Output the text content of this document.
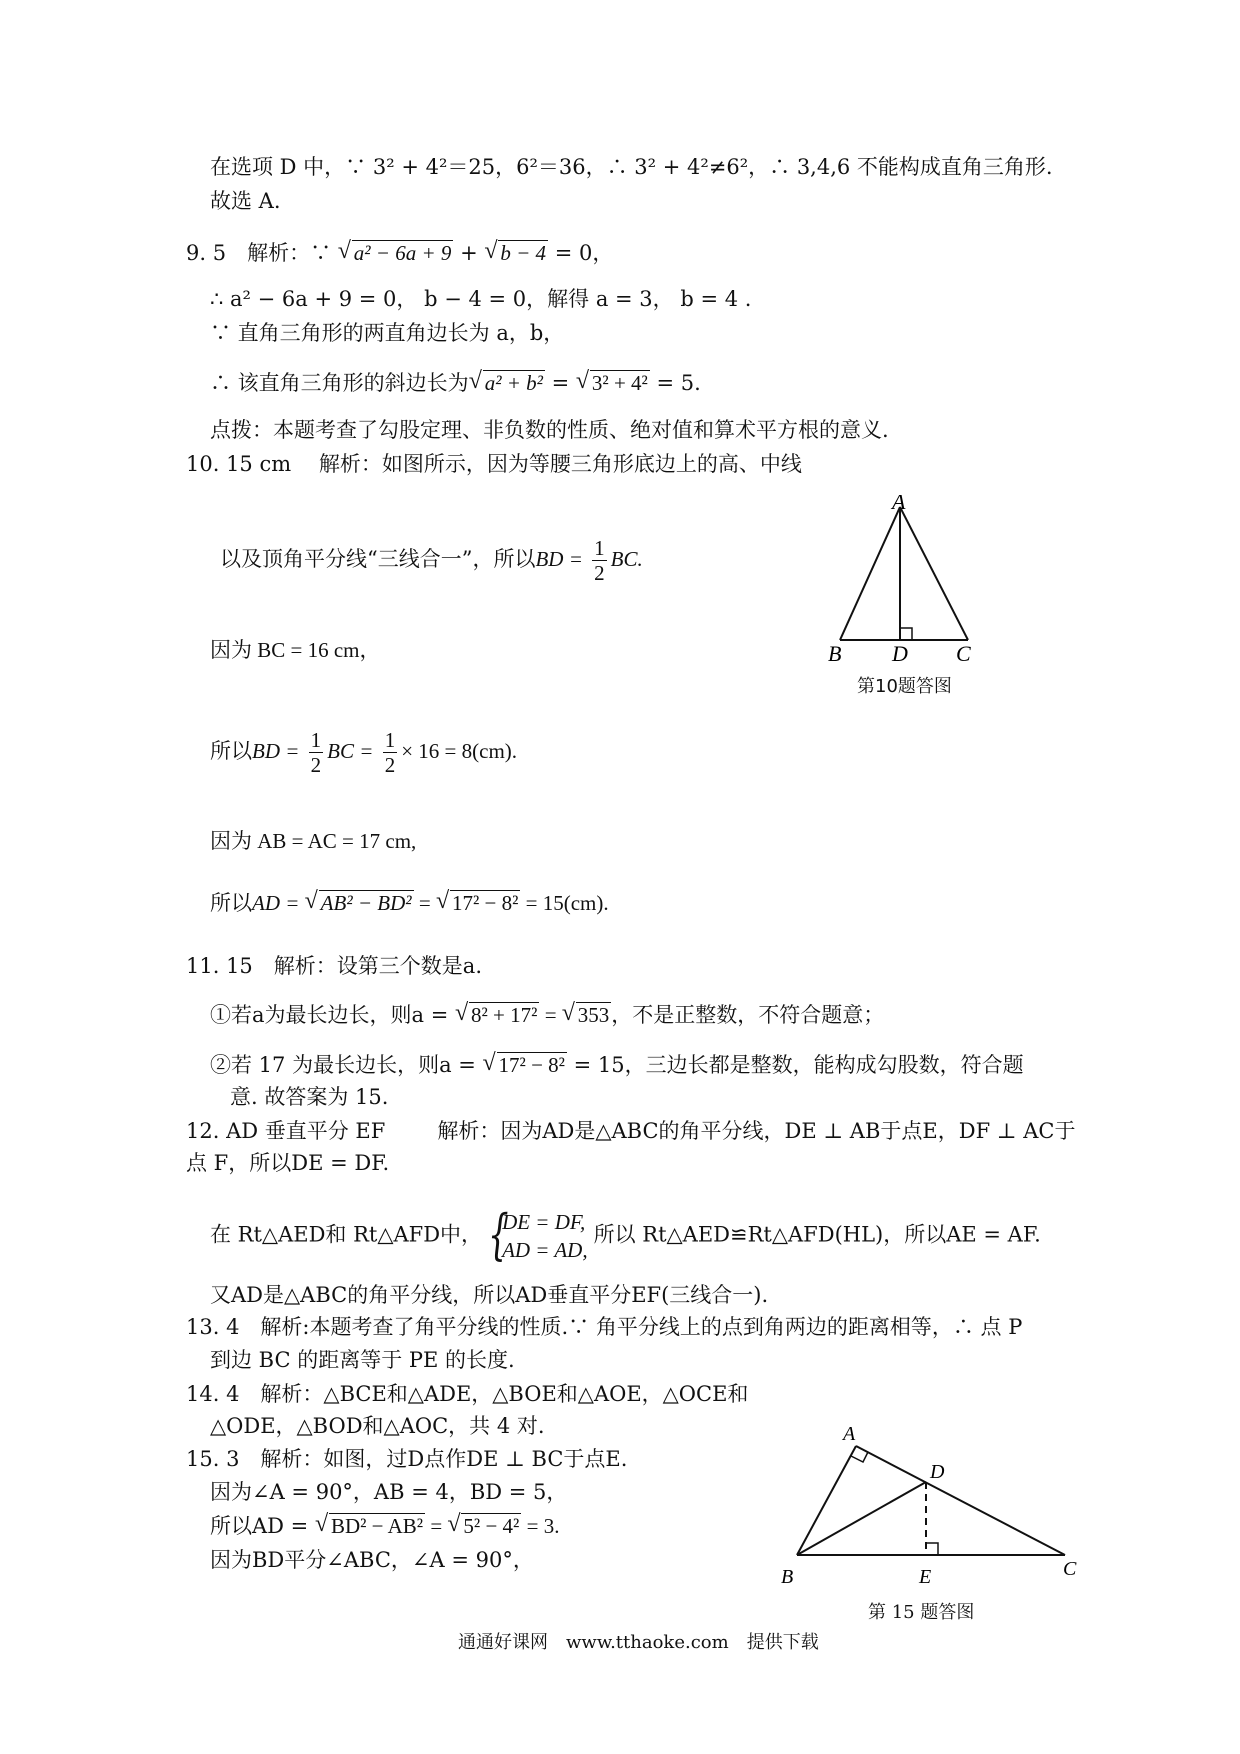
在选项 D 中，∵ 3² + 4²＝25，6²＝36，∴ 3² + 4²≠6²，∴ 3,4,6 不能构成直角三角形.
故选 A.
9. 5　解析：∵ √ a² − 6a + 9 + √ b − 4 = 0，
∴ a² − 6a + 9 = 0， b − 4 = 0，解得 a = 3， b = 4 .
∵ 直角三角形的两直角边长为 a，b，
∴ 该直角三角形的斜边长为 √ a² + b² = √ 3² + 4² = 5.
点拨：本题考查了勾股定理、非负数的性质、绝对值和算术平方根的意义.
10. 15 cm　 解析：如图所示，因为等腰三角形底边上的高、中线
以及顶角平分线“三线合一”，所以BD = $\frac{1}{2}$ BC.
因为 BC = 16 cm，
所以BD = $\frac{1}{2}$ BC = $\frac{1}{2} \times 16 = 8(cm)$.
因为 AB = AC = 17 cm,
所以AD = √ AB² − BD² = √ 17² − 8² = 15(cm).
A
B D C
第10题答图
11. 15　解析：设第三个数是a.
①若a为最长边长，则a = √ 8² + 17² = √ 353，不是正整数，不符合题意；
②若 17 为最长边长，则a = √ 17² − 8² = 15，三边长都是整数，能构成勾股数，符合题
意. 故答案为 15.
12. AD 垂直平分 EF 解析：因为AD是△ABC的角平分线，DE ⊥ AB于点E，DF ⊥ AC于
点 F，所以DE = DF.
在 Rt△AED和 Rt△AFD中， {
DE = DF,
AD = AD,
所以 Rt△AED≌Rt△AFD(HL)，所以AE = AF.
又AD是△ABC的角平分线，所以AD垂直平分EF(三线合一).
13. 4　解析:本题考查了角平分线的性质.∵ 角平分线上的点到角两边的距离相等，∴ 点 P
到边 BC 的距离等于 PE 的长度.
14. 4　解析：△BCE和△ADE，△BOE和△AOE，△OCE和
△ODE，△BOD和△AOC，共 4 对.
15. 3　解析：如图，过D点作DE ⊥ BC于点E.
因为∠A = 90°，AB = 4，BD = 5，
所以AD = √ BD² − AB² = √ 5² − 4² = 3.
因为BD平分∠ABC，∠A = 90°，
A
D
B	E	C
第 15 题答图
通通好课网　www.tthaoke.com　提供下载
